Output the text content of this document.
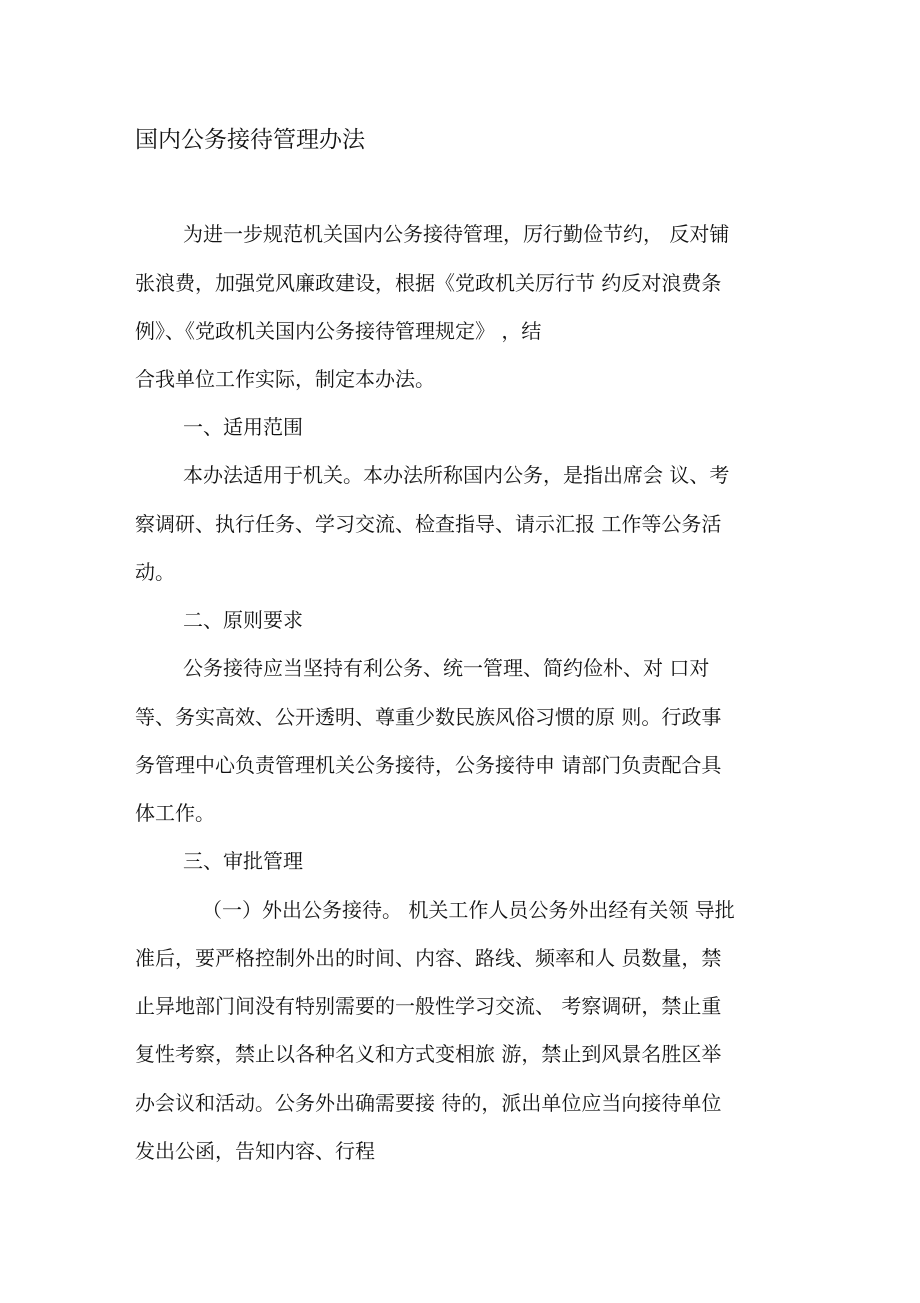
国内公务接待管理办法
为进一步规范机关国内公务接待管理，厉行勤俭节约， 反对铺
张浪费，加强党风廉政建设，根据《党政机关厉行节 约反对浪费条
例》、《党政机关国内公务接待管理规定》 ，结
合我单位工作实际，制定本办法。
一、适用范围
本办法适用于机关。本办法所称国内公务，是指出席会 议、考
察调研、执行任务、学习交流、检查指导、请示汇报 工作等公务活
动。
二、原则要求
公务接待应当坚持有利公务、统一管理、简约俭朴、对 口对
等、务实高效、公开透明、尊重少数民族风俗习惯的原 则。行政事
务管理中心负责管理机关公务接待，公务接待申 请部门负责配合具
体工作。
三、审批管理
（一）外出公务接待。 机关工作人员公务外出经有关领 导批
准后，要严格控制外出的时间、内容、路线、频率和人 员数量，禁
止异地部门间没有特别需要的一般性学习交流、 考察调研，禁止重
复性考察，禁止以各种名义和方式变相旅 游，禁止到风景名胜区举
办会议和活动。公务外出确需要接 待的，派出单位应当向接待单位
发出公函，告知内容、行程
